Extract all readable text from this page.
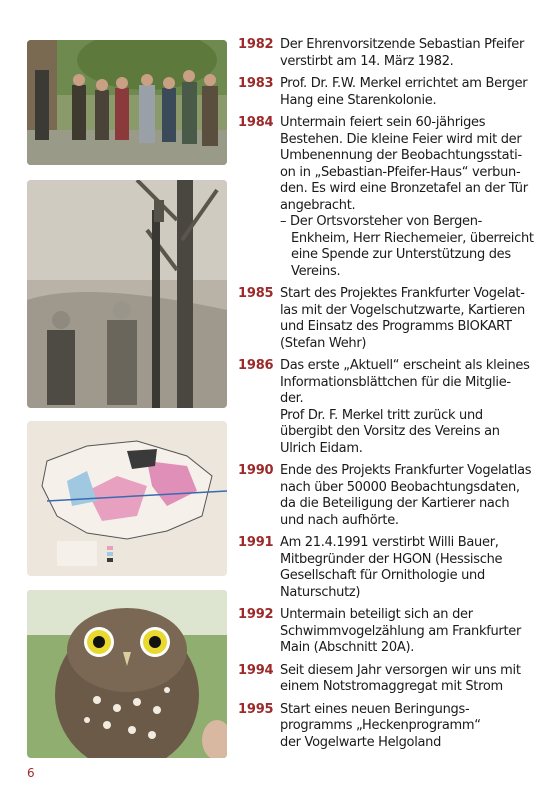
1982 Der Ehrenvorsitzende Sebastian Pfeifer
verstirbt am 14. März 1982.
1983 Prof. Dr. F.W. Merkel errichtet am Berger
Hang eine Starenkolonie.
1984 Untermain feiert sein 60-jähriges
Bestehen. Die kleine Feier wird mit der
Umbenennung der Beobachtungsstati-
on in „Sebastian-Pfeifer-Haus“ verbun-
den. Es wird eine Bronzetafel an der Tür
angebracht.
– Der Ortsvorsteher von Bergen-
Enkheim, Herr Riechemeier, überreicht
eine Spende zur Unterstützung des
Vereins.
1985 Start des Projektes Frankfurter Vogelat-
las mit der Vogelschutzwarte, Kartieren
und Einsatz des Programms BIOKART
(Stefan Wehr)
1986 Das erste „Aktuell“ erscheint als kleines
Informationsblättchen für die Mitglie-
der.
Prof Dr. F. Merkel tritt zurück und
übergibt den Vorsitz des Vereins an
Ulrich Eidam.
1990 Ende des Projekts Frankfurter Vogelatlas
nach über 50000 Beobachtungsdaten,
da die Beteiligung der Kartierer nach
und nach aufhörte.
1991 Am 21.4.1991 verstirbt Willi Bauer,
Mitbegründer der HGON (Hessische
Gesellschaft für Ornithologie und
Naturschutz)
1992 Untermain beteiligt sich an der
Schwimmvogelzählung am Frankfurter
Main (Abschnitt 20A).
1994 Seit diesem Jahr versorgen wir uns mit
einem Notstromaggregat mit Strom
1995 Start eines neuen Beringungs-
programms „Heckenprogramm“
der Vogelwarte Helgoland
6
